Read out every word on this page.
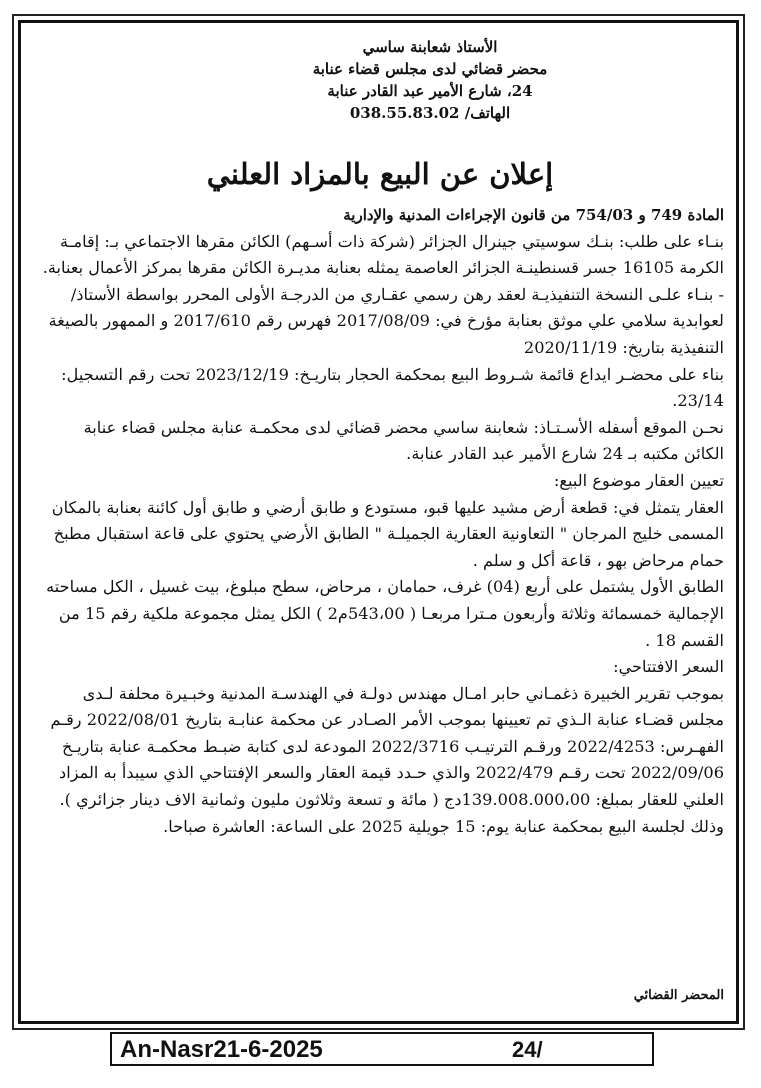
الأستاذ شعابنة ساسي
محضر قضائي لدى مجلس قضاء عنابة
24، شارع الأمير عبد القادر عنابة
الهاتف/ 038.55.83.02
إعلان عن البيع بالمزاد العلني

المادة 749 و 754/03 من قانون الإجراءات المدنية والإدارية

بنـاء على طلب: بنـك سوسيتي جينرال الجزائر (شركة ذات أسـهم) الكائن مقرها الاجتماعي بـ: إقامـة الكرمة 16105 جسر قسنطينـة الجزائر العاصمة يمثله بعنابة مديـرة الكائن مقرها بمركز الأعمال بعنابة.

- بنـاء علـى النسخة التنفيذيـة لعقد رهن رسمي عقـاري من الدرجـة الأولى المحرر بواسطة الأستاذ/ لعوابدية سلامي علي موثق بعنابة مؤرخ في: 2017/08/09 فهرس رقم 2017/610 و الممهور بالصيغة التنفيذية بتاريخ: 2020/11/19

بناء على محضـر ايداع قائمة شـروط البيع بمحكمة الحجار بتاريـخ: 2023/12/19 تحت رقم التسجيل: 23/14.

نحـن الموقع أسفله الأسـتـاذ: شعابنة ساسي محضر قضائي لدى محكمـة عنابة مجلس قضاء عنابة

الكائن مكتبه بـ 24 شارع الأمير عبد القادر عنابة.

تعيين العقار موضوع البيع:

العقار يتمثل في: قطعة أرض مشيد عليها قبو، مستودع و طابق أرضي و طابق أول كائنة بعنابة بالمكان المسمى خليج المرجان " التعاونية العقارية الجميلـة " الطابق الأرضي يحتوي على قاعة استقبال مطبخ حمام مرحاض بهو ، قاعة أكل و سلم .

الطابق الأول يشتمل على أربع (04) غرف، حمامان ، مرحاض، سطح مبلوغ، بيت غسيل ، الكل مساحته الإجمالية خمسمائة وثلاثة وأربعون مـترا مربعـا ( 543،00م2 ) الكل يمثل مجموعة ملكية رقم 15 من القسم 18 .

السعر الافتتاحي:

بموجب تقرير الخبيرة ذغمـاني حابر امـال مهندس دولـة في الهندسـة المدنية وخبـيرة محلفة لـدى مجلس قضـاء عنابة الـذي تم تعيينها بموجب الأمر الصـادر عن محكمة عنابـة بتاريخ 2022/08/01 رقـم الفهـرس: 2022/4253 ورقـم الترتيـب 2022/3716 المودعة لدى كتابة ضبـط محكمـة عنابة بتاريـخ 2022/09/06 تحت رقـم 2022/479 والذي حـدد قيمة العقار والسعر الإفتتاحي الذي سيبدأ به المزاد العلني للعقار بمبلغ: 139.008.000،00دج ( مائة و تسعة وثلاثون مليون وثمانية الاف دينار جزائري ).

وذلك لجلسة البيع بمحكمة عنابة يوم: 15 جويلية 2025 على الساعة: العاشرة صباحا.

المحضر القضائي
An-Nasr21-6-2025	24/
